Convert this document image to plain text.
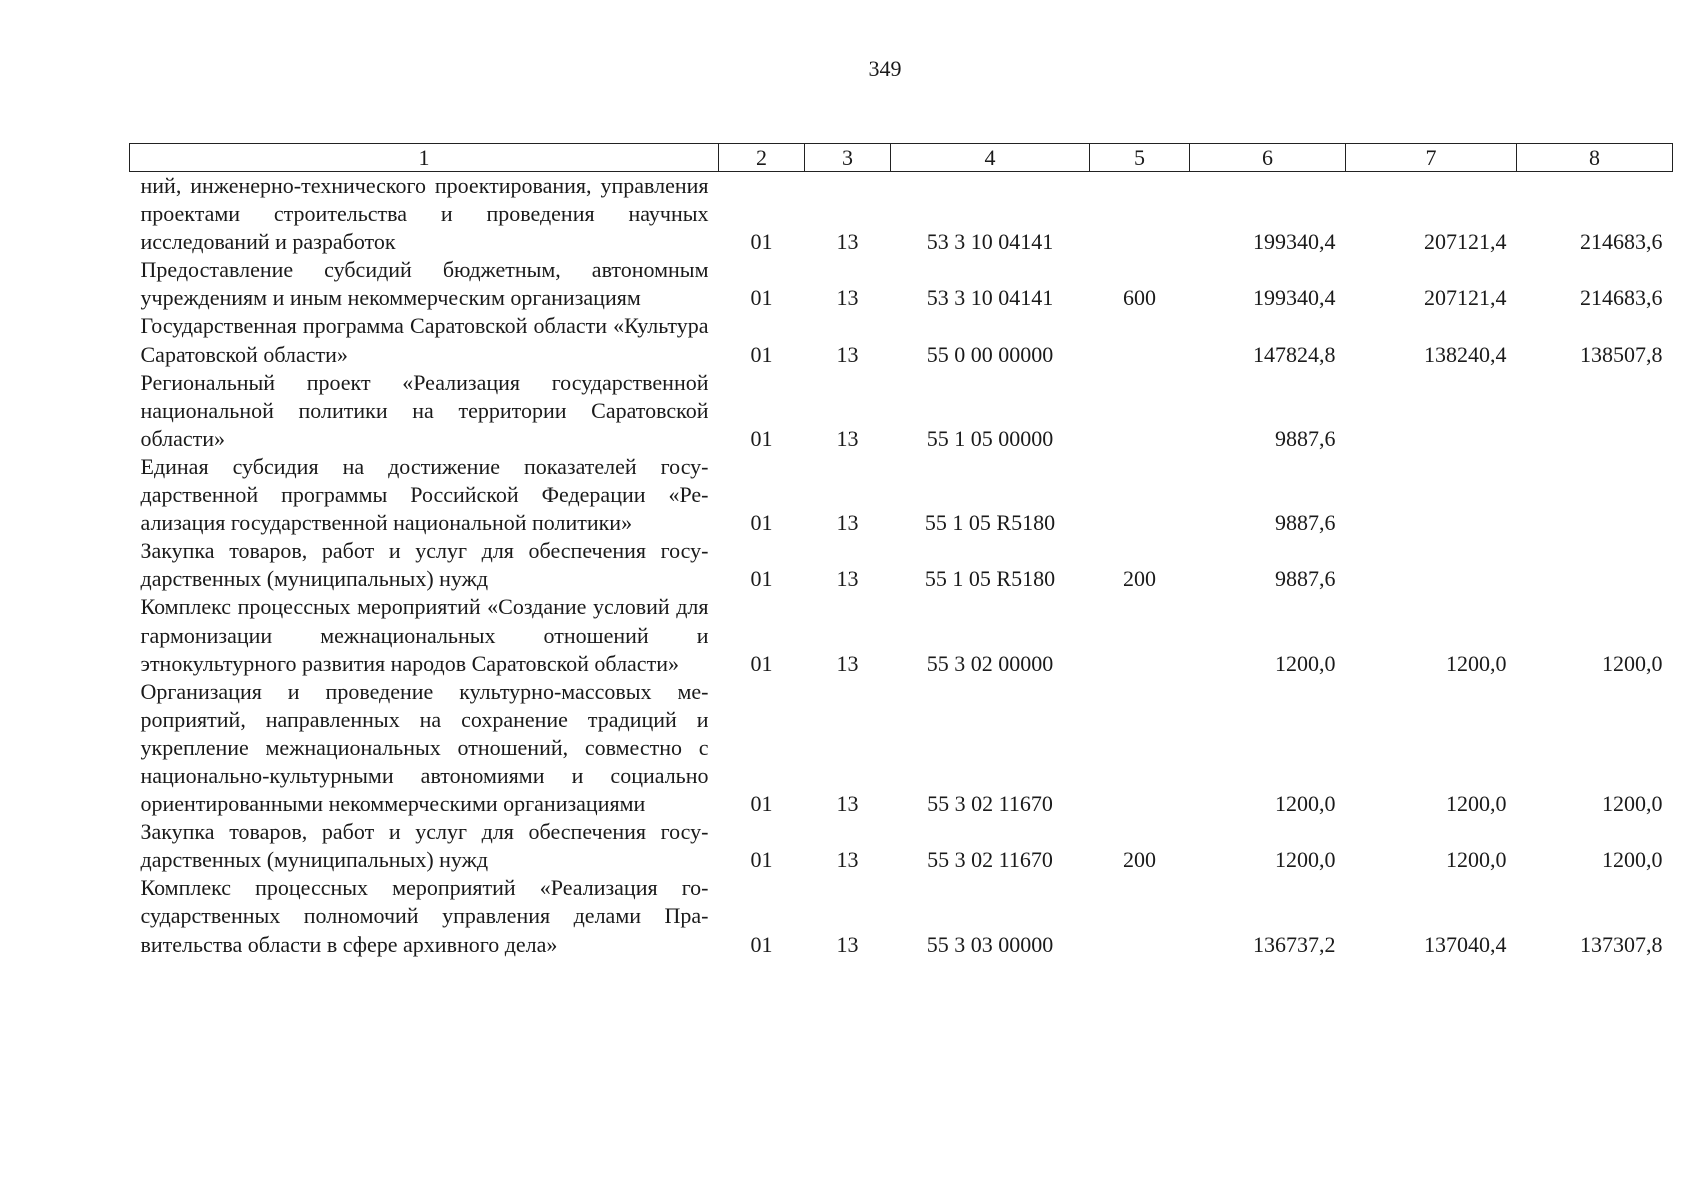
349
1	2	3	4	5	6	7	8
ний, инженерно-технического проектирования, управления проектами строительства и проведения научных исследований и разработок	01	13	53 3 10 04141		199340,4	207121,4	214683,6
Предоставление субсидий бюджетным, автономным учреждениям и иным некоммерческим организациям	01	13	53 3 10 04141	600	199340,4	207121,4	214683,6
Государственная программа Саратовской области «Культура Саратовской области»	01	13	55 0 00 00000		147824,8	138240,4	138507,8
Региональный проект «Реализация государственной национальной политики на территории Саратовской области»	01	13	55 1 05 00000		9887,6		
Единая субсидия на достижение показателей государственной программы Российской Федерации «Реализация государственной национальной политики»	01	13	55 1 05 R5180		9887,6		
Закупка товаров, работ и услуг для обеспечения государственных (муниципальных) нужд	01	13	55 1 05 R5180	200	9887,6		
Комплекс процессных мероприятий «Создание условий для гармонизации межнациональных отношений и этнокультурного развития народов Саратовской области»	01	13	55 3 02 00000		1200,0	1200,0	1200,0
Организация и проведение культурно-массовых мероприятий, направленных на сохранение традиций и укрепление межнациональных отношений, совместно с национально-культурными автономиями и социально ориентированными некоммерческими организациями	01	13	55 3 02 11670		1200,0	1200,0	1200,0
Закупка товаров, работ и услуг для обеспечения государственных (муниципальных) нужд	01	13	55 3 02 11670	200	1200,0	1200,0	1200,0
Комплекс процессных мероприятий «Реализация государственных полномочий управления делами Правительства области в сфере архивного дела»	01	13	55 3 03 00000		136737,2	137040,4	137307,8
